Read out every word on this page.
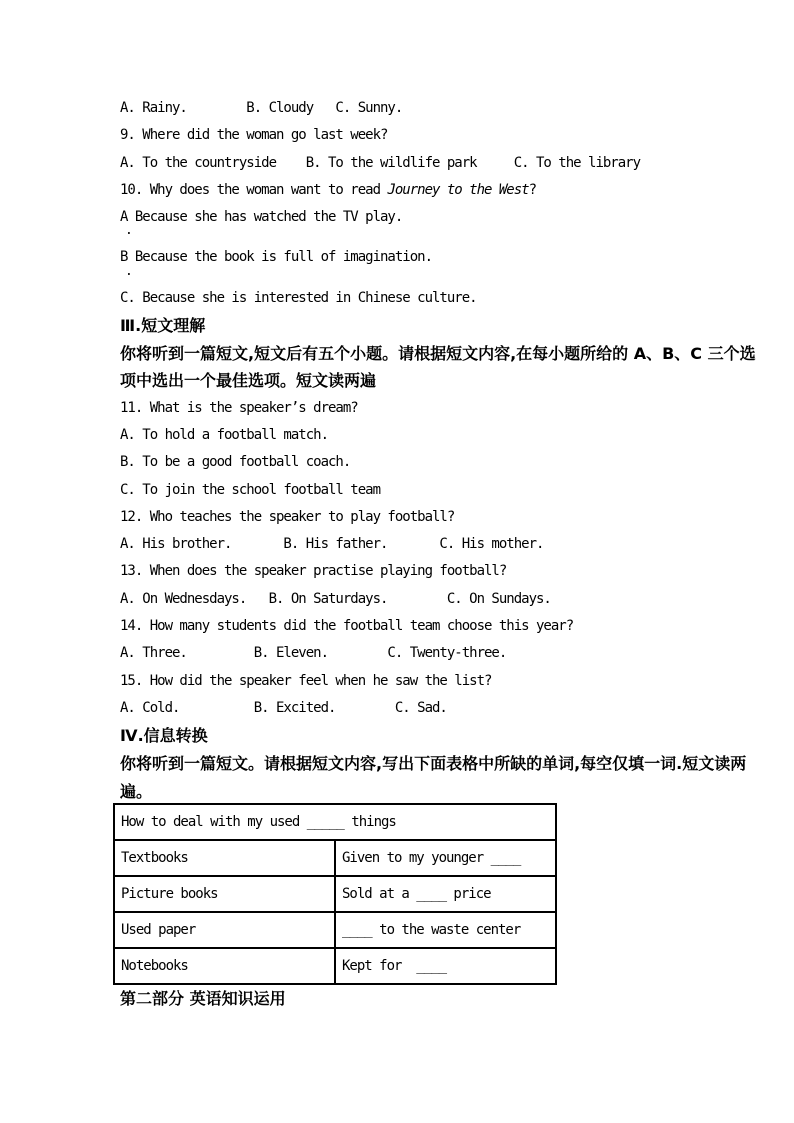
A. Rainy.        B. Cloudy   C. Sunny.
9. Where did the woman go last week?
A. To the countryside    B. To the wildlife park     C. To the library
10. Why does the woman want to read Journey to the West?
A Because she has watched the TV play.
.
B Because the book is full of imagination.
.
C. Because she is interested in Chinese culture.
Ⅲ.短文理解
你将听到一篇短文,短文后有五个小题。请根据短文内容,在每小题所给的 A、B、C 三个选
项中选出一个最佳选项。短文读两遍
11. What is the speaker’s dream?
A. To hold a football match.
B. To be a good football coach.
C. To join the school football team
12. Who teaches the speaker to play football?
A. His brother.       B. His father.       C. His mother.
13. When does the speaker practise playing football?
A. On Wednesdays.   B. On Saturdays.        C. On Sundays.
14. How many students did the football team choose this year?
A. Three.         B. Eleven.        C. Twenty-three.
15. How did the speaker feel when he saw the list?
A. Cold.          B. Excited.        C. Sad.
Ⅳ.信息转换
你将听到一篇短文。请根据短文内容,写出下面表格中所缺的单词,每空仅填一词.短文读两
遍。
How to deal with my used _____ things	
Textbooks	Given to my younger ____
Picture books	Sold at a ____ price
Used paper	____ to the waste center
Notebooks	Kept for  ____
第二部分 英语知识运用
